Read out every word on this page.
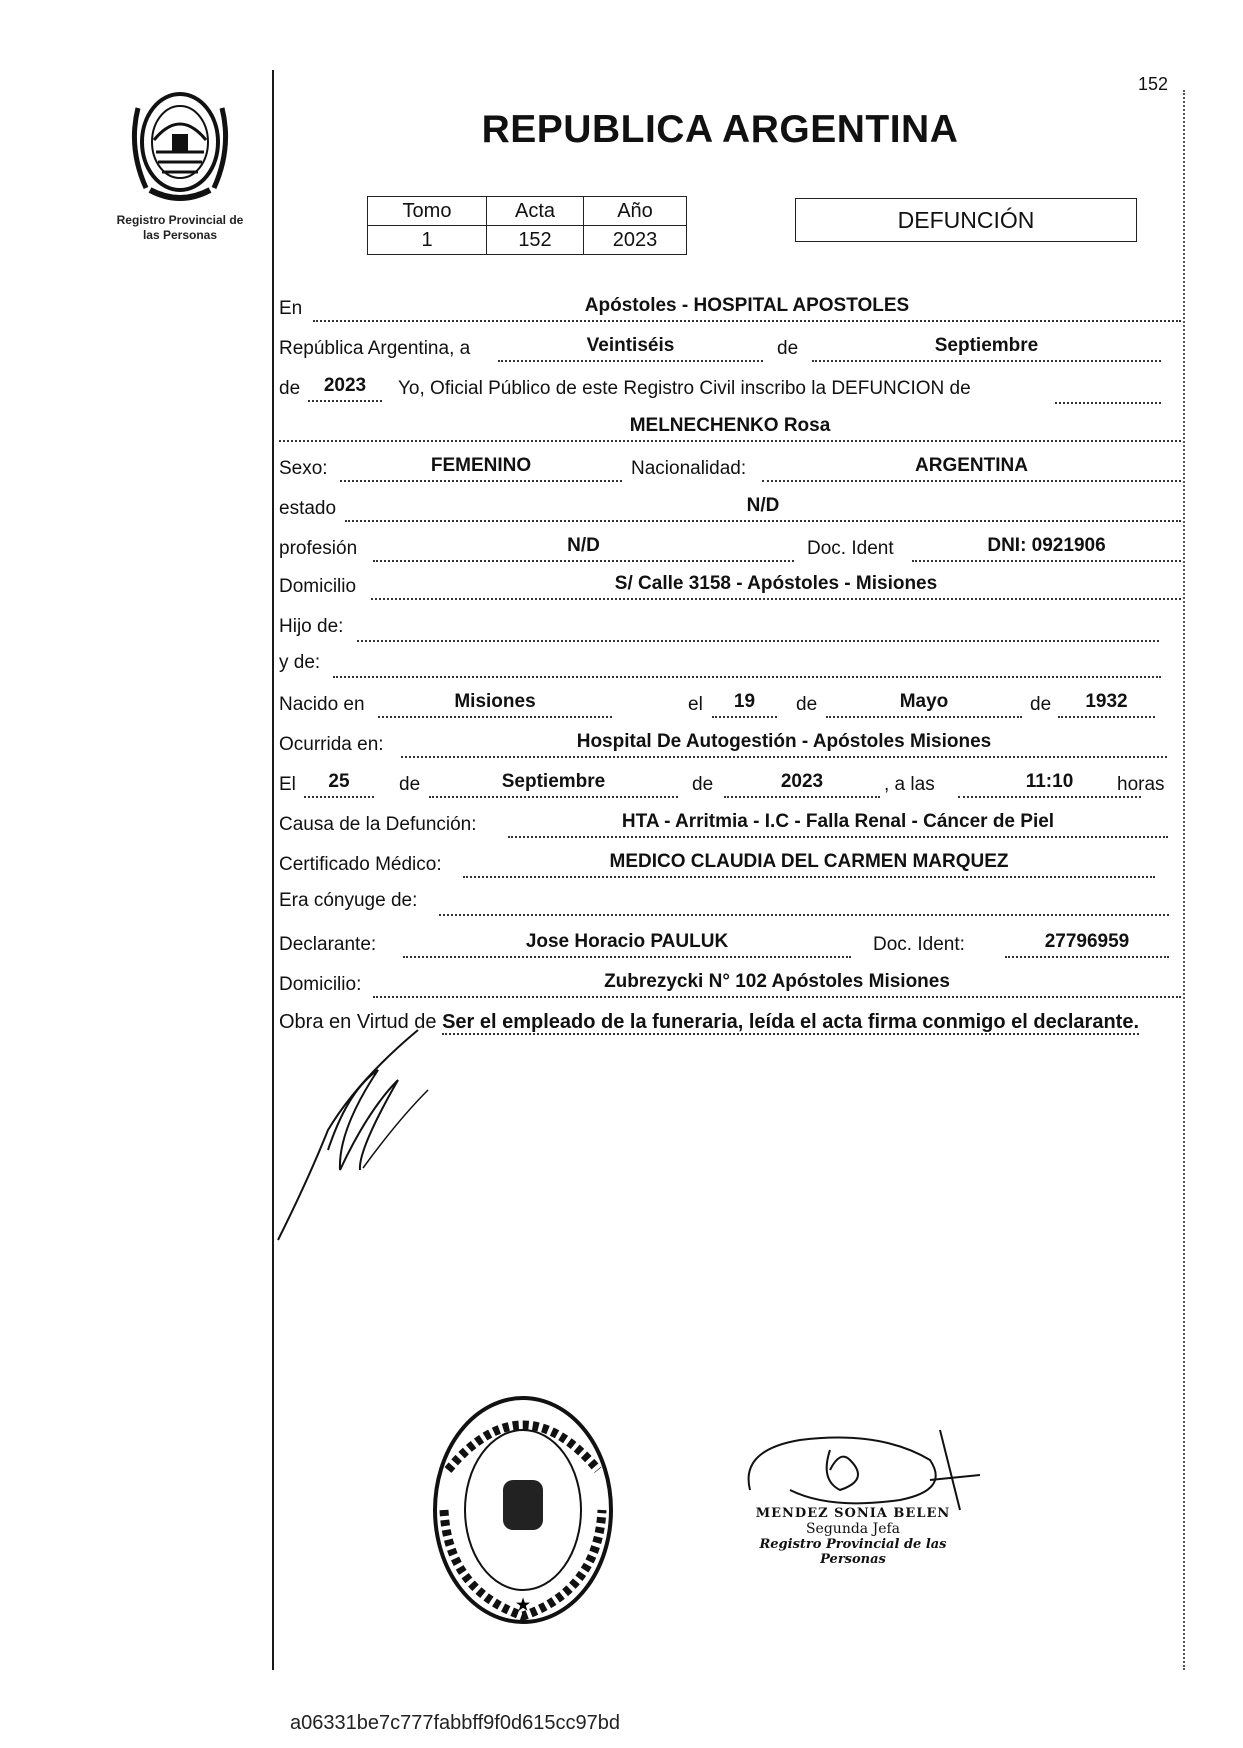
Registro Provincial de
las Personas
152
REPUBLICA ARGENTINA
Tomo	Acta	Año
1	152	2023
DEFUNCIÓN
En	Apóstoles - HOSPITAL APOSTOLES
República Argentina, a	Veintiséis	de	Septiembre
de	2023	Yo, Oficial Público de este Registro Civil inscribo la DEFUNCION de
MELNECHENKO Rosa
Sexo:	FEMENINO	Nacionalidad:	ARGENTINA
estado	N/D
profesión	N/D	Doc. Ident	DNI: 0921906
Domicilio	S/ Calle 3158 - Apóstoles - Misiones
Hijo de:
y de:
Nacido en	Misiones	el	19	de	Mayo	de	1932
Ocurrida en:	Hospital De Autogestión - Apóstoles Misiones
El	25	de	Septiembre	de	2023	, a las	11:10	horas
Causa de la Defunción:	HTA - Arritmia - I.C - Falla Renal - Cáncer de Piel
Certificado Médico:	MEDICO CLAUDIA DEL CARMEN MARQUEZ
Era cónyuge de:
Declarante:	Jose Horacio PAULUK	Doc. Ident:	27796959
Domicilio:	Zubrezycki N° 102 Apóstoles Misiones
Obra en Virtud de Ser el empleado de la funeraria, leída el acta firma conmigo el declarante.
★
MENDEZ SONIA BELEN
Segunda Jefa
Registro Provincial de las Personas
a06331be7c777fabbff9f0d615cc97bd
